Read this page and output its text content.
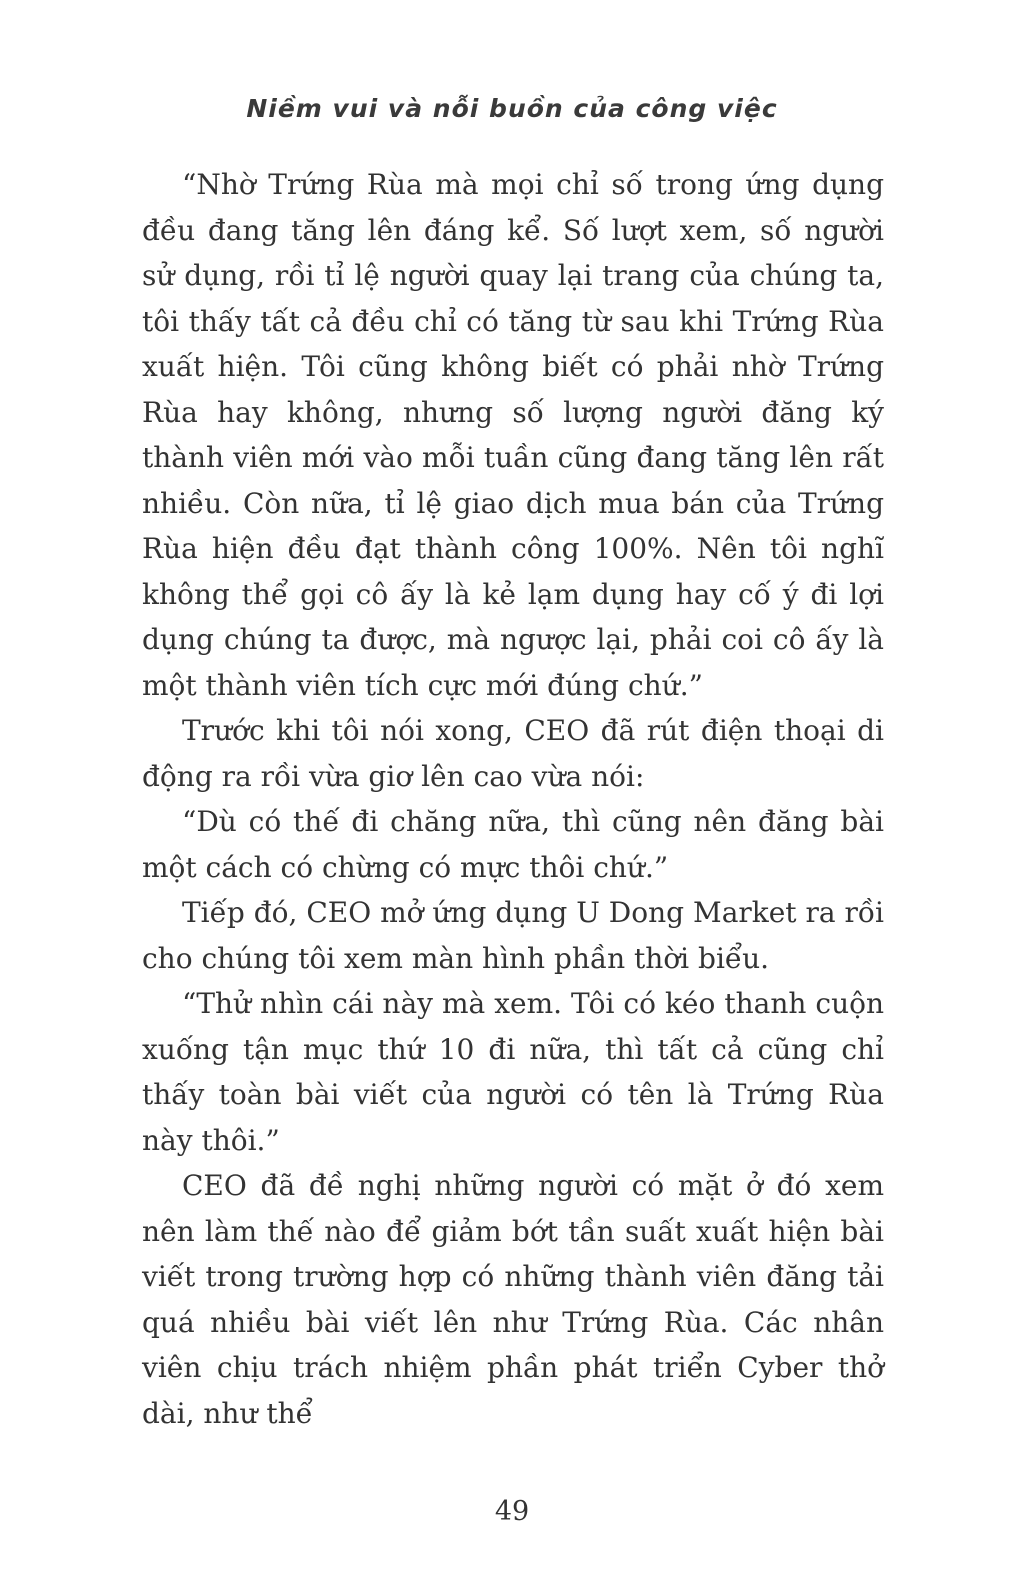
Niềm vui và nỗi buồn của công việc

“Nhờ Trứng Rùa mà mọi chỉ số trong ứng dụng đều đang tăng lên đáng kể. Số lượt xem, số người sử dụng, rồi tỉ lệ người quay lại trang của chúng ta, tôi thấy tất cả đều chỉ có tăng từ sau khi Trứng Rùa xuất hiện. Tôi cũng không biết có phải nhờ Trứng Rùa hay không, nhưng số lượng người đăng ký thành viên mới vào mỗi tuần cũng đang tăng lên rất nhiều. Còn nữa, tỉ lệ giao dịch mua bán của Trứng Rùa hiện đều đạt thành công 100%. Nên tôi nghĩ không thể gọi cô ấy là kẻ lạm dụng hay cố ý đi lợi dụng chúng ta được, mà ngược lại, phải coi cô ấy là một thành viên tích cực mới đúng chứ.”

Trước khi tôi nói xong, CEO đã rút điện thoại di động ra rồi vừa giơ lên cao vừa nói:

“Dù có thế đi chăng nữa, thì cũng nên đăng bài một cách có chừng có mực thôi chứ.”

Tiếp đó, CEO mở ứng dụng U Dong Market ra rồi cho chúng tôi xem màn hình phần thời biểu.

“Thử nhìn cái này mà xem. Tôi có kéo thanh cuộn xuống tận mục thứ 10 đi nữa, thì tất cả cũng chỉ thấy toàn bài viết của người có tên là Trứng Rùa này thôi.”

CEO đã đề nghị những người có mặt ở đó xem nên làm thế nào để giảm bớt tần suất xuất hiện bài viết trong trường hợp có những thành viên đăng tải quá nhiều bài viết lên như Trứng Rùa. Các nhân viên chịu trách nhiệm phần phát triển Cyber thở dài, như thể

49
